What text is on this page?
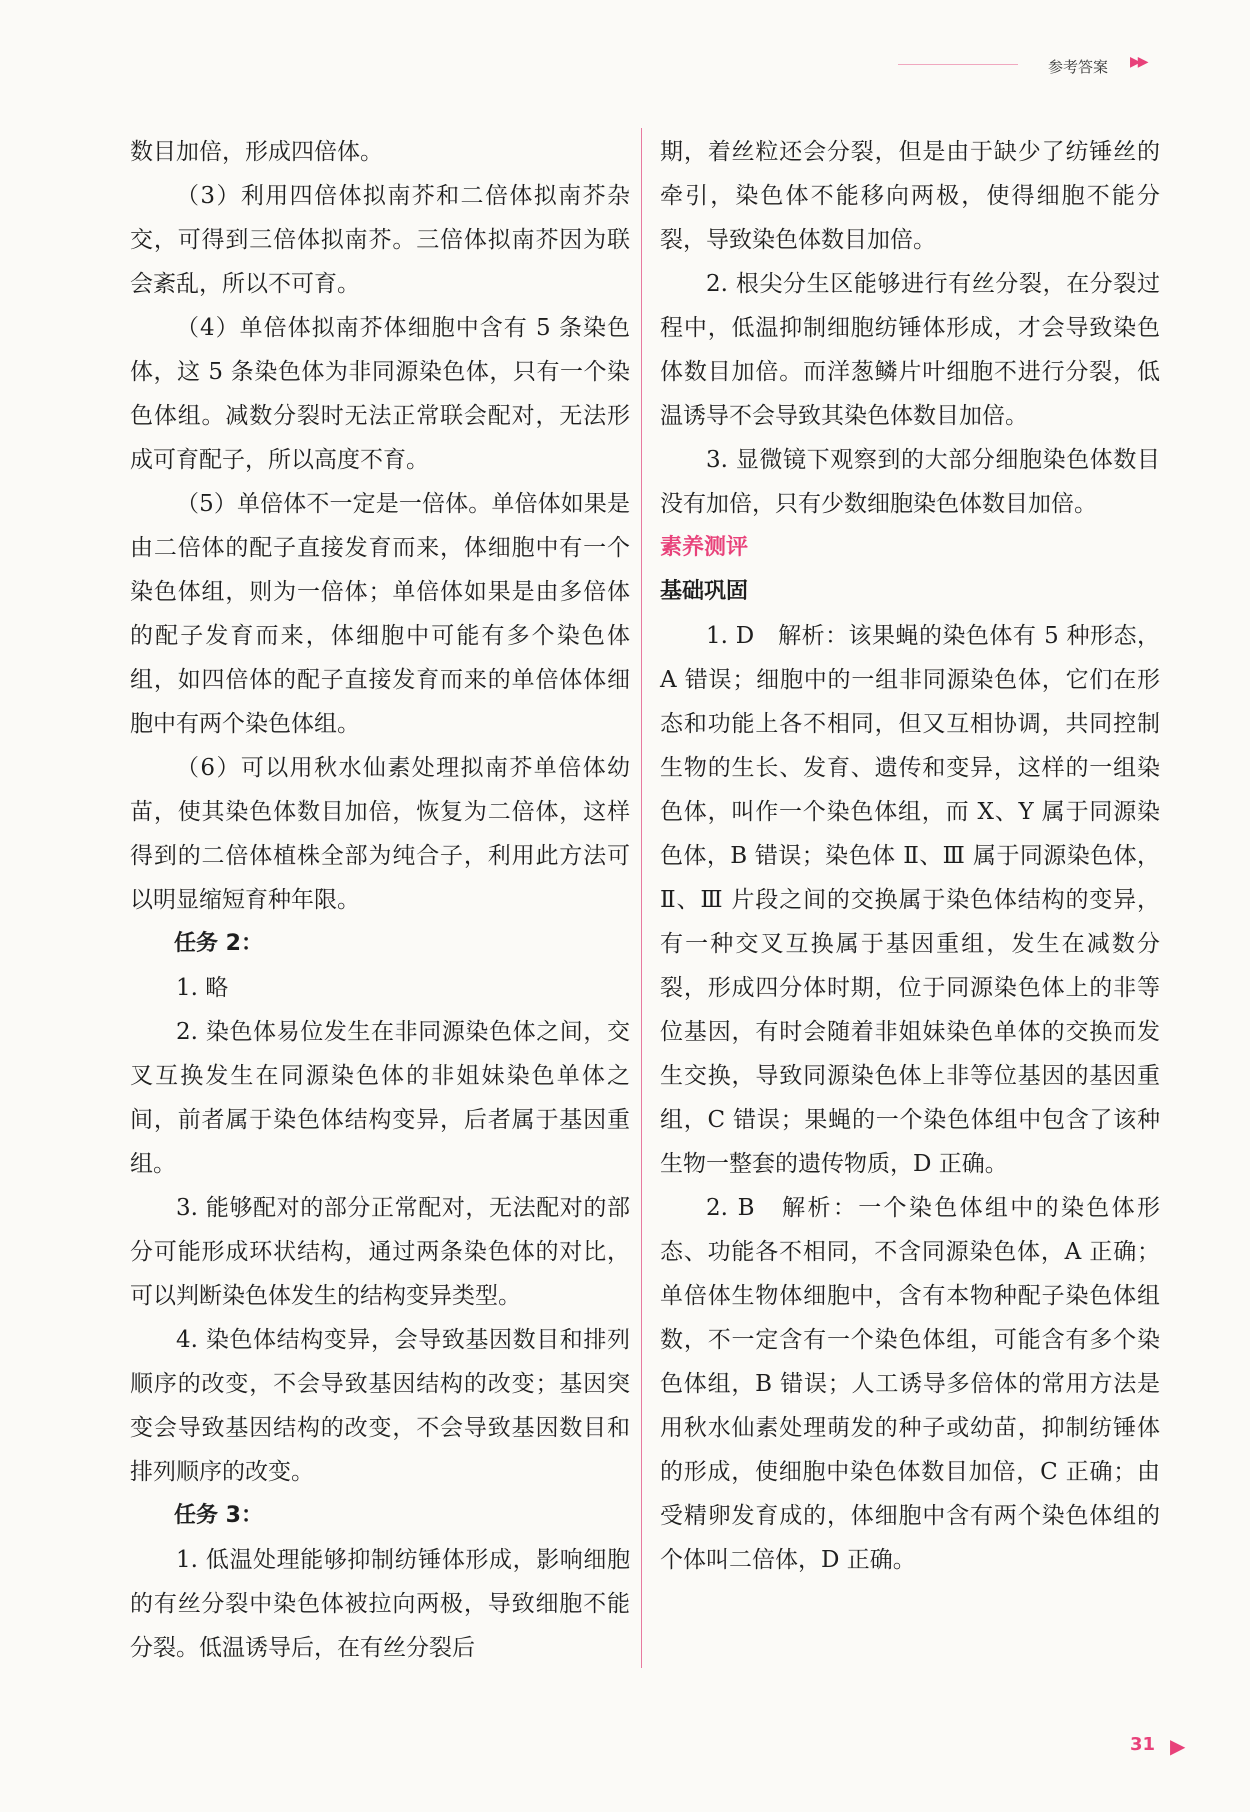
参考答案 ▶▶

数目加倍，形成四倍体。

（3）利用四倍体拟南芥和二倍体拟南芥杂交，可得到三倍体拟南芥。三倍体拟南芥因为联会紊乱，所以不可育。

（4）单倍体拟南芥体细胞中含有 5 条染色体，这 5 条染色体为非同源染色体，只有一个染色体组。减数分裂时无法正常联会配对，无法形成可育配子，所以高度不育。

（5）单倍体不一定是一倍体。单倍体如果是由二倍体的配子直接发育而来，体细胞中有一个染色体组，则为一倍体；单倍体如果是由多倍体的配子发育而来，体细胞中可能有多个染色体组，如四倍体的配子直接发育而来的单倍体体细胞中有两个染色体组。

（6）可以用秋水仙素处理拟南芥单倍体幼苗，使其染色体数目加倍，恢复为二倍体，这样得到的二倍体植株全部为纯合子，利用此方法可以明显缩短育种年限。

任务 2：

1. 略

2. 染色体易位发生在非同源染色体之间，交叉互换发生在同源染色体的非姐妹染色单体之间，前者属于染色体结构变异，后者属于基因重组。

3. 能够配对的部分正常配对，无法配对的部分可能形成环状结构，通过两条染色体的对比，可以判断染色体发生的结构变异类型。

4. 染色体结构变异，会导致基因数目和排列顺序的改变，不会导致基因结构的改变；基因突变会导致基因结构的改变，不会导致基因数目和排列顺序的改变。

任务 3：

1. 低温处理能够抑制纺锤体形成，影响细胞的有丝分裂中染色体被拉向两极，导致细胞不能分裂。低温诱导后，在有丝分裂后

期，着丝粒还会分裂，但是由于缺少了纺锤丝的牵引，染色体不能移向两极，使得细胞不能分裂，导致染色体数目加倍。

2. 根尖分生区能够进行有丝分裂，在分裂过程中，低温抑制细胞纺锤体形成，才会导致染色体数目加倍。而洋葱鳞片叶细胞不进行分裂，低温诱导不会导致其染色体数目加倍。

3. 显微镜下观察到的大部分细胞染色体数目没有加倍，只有少数细胞染色体数目加倍。

素养测评

基础巩固

1. D　解析：该果蝇的染色体有 5 种形态，A 错误；细胞中的一组非同源染色体，它们在形态和功能上各不相同，但又互相协调，共同控制生物的生长、发育、遗传和变异，这样的一组染色体，叫作一个染色体组，而 X、Y 属于同源染色体，B 错误；染色体 Ⅱ、Ⅲ 属于同源染色体，Ⅱ、Ⅲ 片段之间的交换属于染色体结构的变异，有一种交叉互换属于基因重组，发生在减数分裂，形成四分体时期，位于同源染色体上的非等位基因，有时会随着非姐妹染色单体的交换而发生交换，导致同源染色体上非等位基因的基因重组，C 错误；果蝇的一个染色体组中包含了该种生物一整套的遗传物质，D 正确。

2. B　解析：一个染色体组中的染色体形态、功能各不相同，不含同源染色体，A 正确；单倍体生物体细胞中，含有本物种配子染色体组数，不一定含有一个染色体组，可能含有多个染色体组，B 错误；人工诱导多倍体的常用方法是用秋水仙素处理萌发的种子或幼苗，抑制纺锤体的形成，使细胞中染色体数目加倍，C 正确；由受精卵发育成的，体细胞中含有两个染色体组的个体叫二倍体，D 正确。

31 ▶
